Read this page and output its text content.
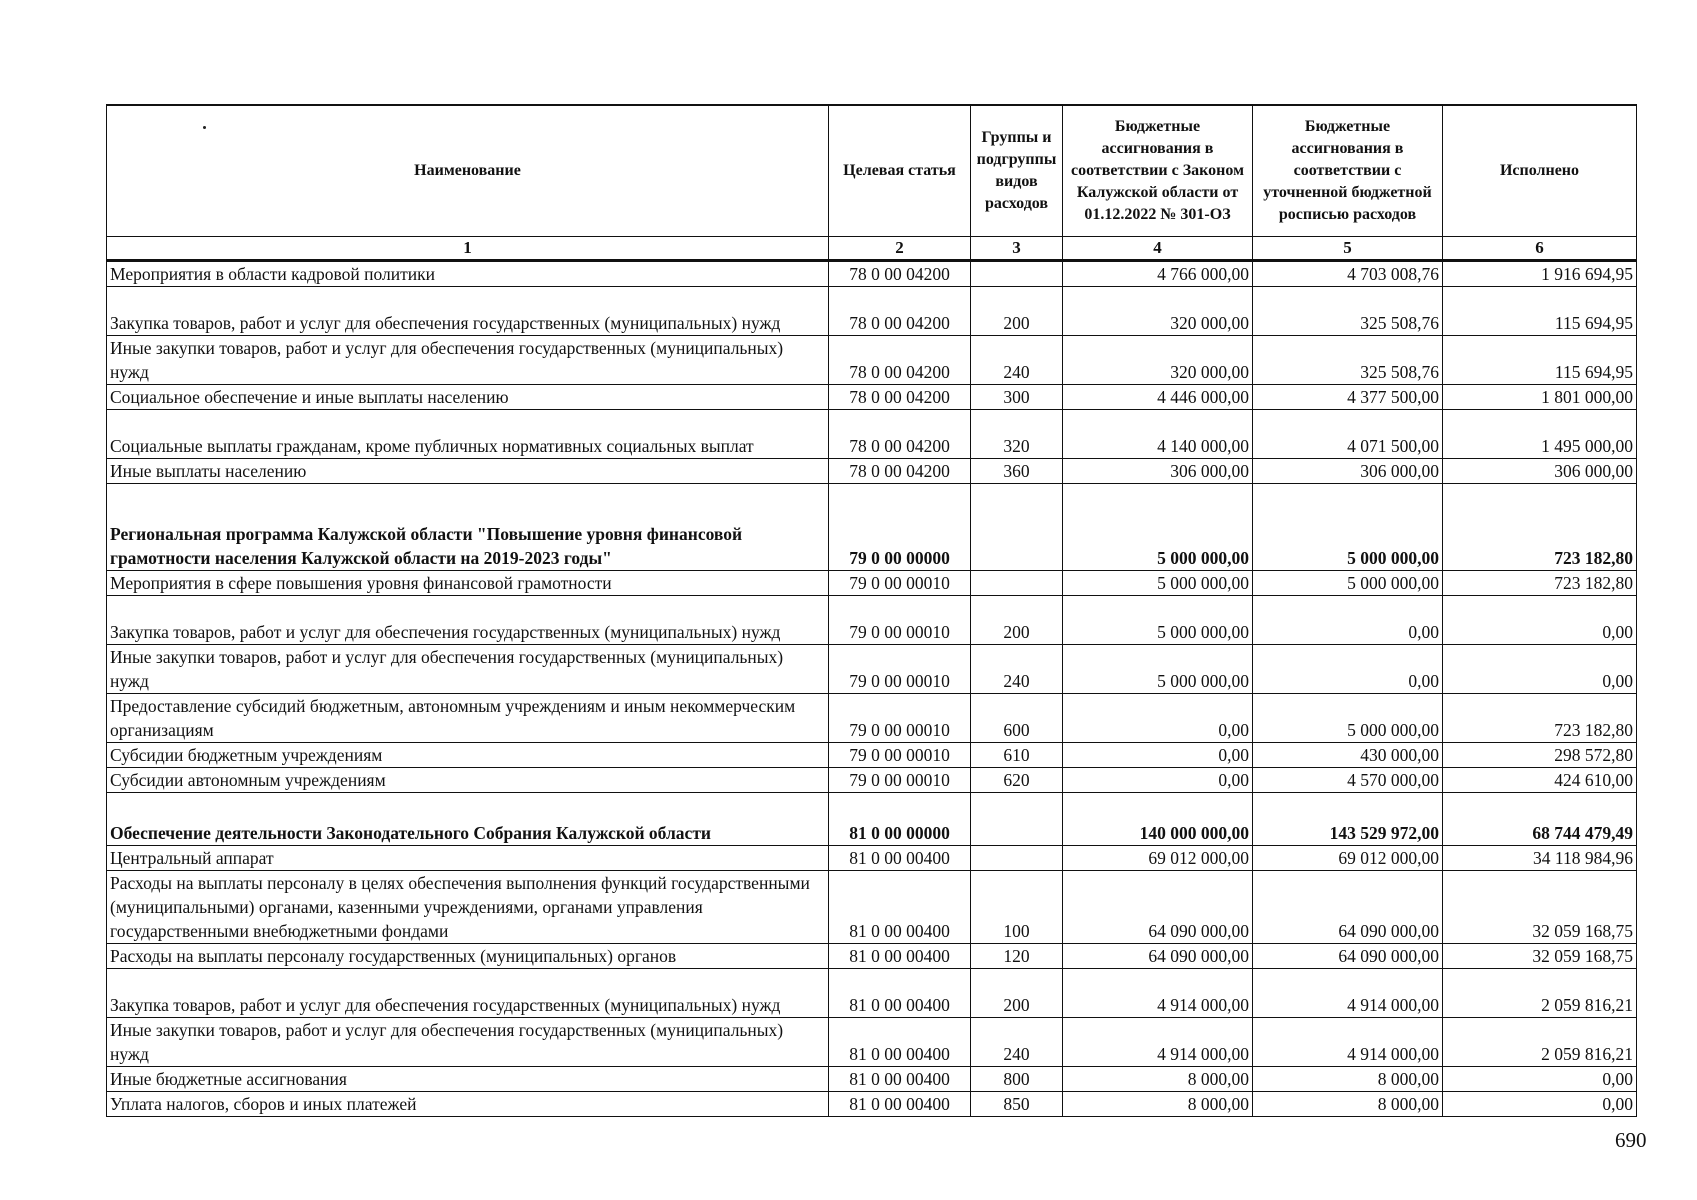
Наименование	Целевая статья	Группы и подгруппы видов расходов	Бюджетные ассигнования в соответствии с Законом Калужской области от 01.12.2022 № 301-ОЗ	Бюджетные ассигнования в соответствии с уточненной бюджетной росписью расходов	Исполнено
1	2	3	4	5	6
Мероприятия в области кадровой политики	78 0 00 04200		4 766 000,00	4 703 008,76	1 916 694,95
Закупка товаров, работ и услуг для обеспечения государственных (муниципальных) нужд	78 0 00 04200	200	320 000,00	325 508,76	115 694,95
Иные закупки товаров, работ и услуг для обеспечения государственных (муниципальных) нужд	78 0 00 04200	240	320 000,00	325 508,76	115 694,95
Социальное обеспечение и иные выплаты населению	78 0 00 04200	300	4 446 000,00	4 377 500,00	1 801 000,00
Социальные выплаты гражданам, кроме публичных нормативных социальных выплат	78 0 00 04200	320	4 140 000,00	4 071 500,00	1 495 000,00
Иные выплаты населению	78 0 00 04200	360	306 000,00	306 000,00	306 000,00
Региональная программа Калужской области "Повышение уровня финансовой грамотности населения Калужской области на 2019-2023 годы"	79 0 00 00000		5 000 000,00	5 000 000,00	723 182,80
Мероприятия в сфере повышения уровня финансовой грамотности	79 0 00 00010		5 000 000,00	5 000 000,00	723 182,80
Закупка товаров, работ и услуг для обеспечения государственных (муниципальных) нужд	79 0 00 00010	200	5 000 000,00	0,00	0,00
Иные закупки товаров, работ и услуг для обеспечения государственных (муниципальных) нужд	79 0 00 00010	240	5 000 000,00	0,00	0,00
Предоставление субсидий бюджетным, автономным учреждениям и иным некоммерческим организациям	79 0 00 00010	600	0,00	5 000 000,00	723 182,80
Субсидии бюджетным учреждениям	79 0 00 00010	610	0,00	430 000,00	298 572,80
Субсидии автономным учреждениям	79 0 00 00010	620	0,00	4 570 000,00	424 610,00
Обеспечение деятельности Законодательного Собрания Калужской области	81 0 00 00000		140 000 000,00	143 529 972,00	68 744 479,49
Центральный аппарат	81 0 00 00400		69 012 000,00	69 012 000,00	34 118 984,96
Расходы на выплаты персоналу в целях обеспечения выполнения функций государственными (муниципальными) органами, казенными учреждениями, органами управления государственными внебюджетными фондами	81 0 00 00400	100	64 090 000,00	64 090 000,00	32 059 168,75
Расходы на выплаты персоналу государственных (муниципальных) органов	81 0 00 00400	120	64 090 000,00	64 090 000,00	32 059 168,75
Закупка товаров, работ и услуг для обеспечения государственных (муниципальных) нужд	81 0 00 00400	200	4 914 000,00	4 914 000,00	2 059 816,21
Иные закупки товаров, работ и услуг для обеспечения государственных (муниципальных) нужд	81 0 00 00400	240	4 914 000,00	4 914 000,00	2 059 816,21
Иные бюджетные ассигнования	81 0 00 00400	800	8 000,00	8 000,00	0,00
Уплата налогов, сборов и иных платежей	81 0 00 00400	850	8 000,00	8 000,00	0,00
690
